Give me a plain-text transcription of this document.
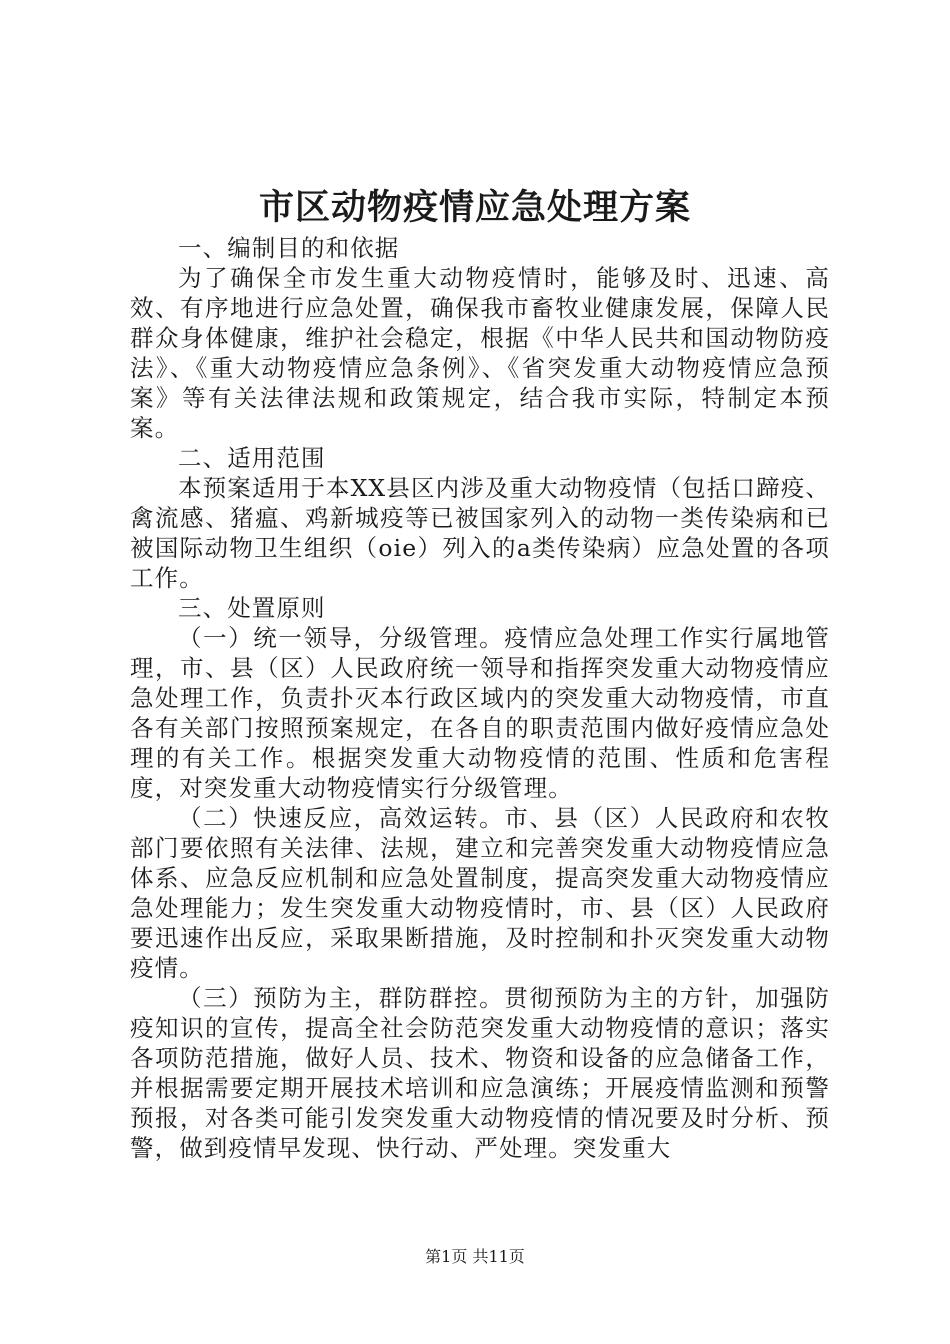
市区动物疫情应急处理方案

一、编制目的和依据

为了确保全市发生重大动物疫情时，能够及时、迅速、高效、有序地进行应急处置，确保我市畜牧业健康发展，保障人民群众身体健康，维护社会稳定，根据《中华人民共和国动物防疫法》、《重大动物疫情应急条例》、《省突发重大动物疫情应急预案》等有关法律法规和政策规定，结合我市实际，特制定本预案。

二、适用范围

本预案适用于本XX县区内涉及重大动物疫情（包括口蹄疫、禽流感、猪瘟、鸡新城疫等已被国家列入的动物一类传染病和已被国际动物卫生组织（oie）列入的a类传染病）应急处置的各项工作。

三、处置原则

（一）统一领导，分级管理。疫情应急处理工作实行属地管理，市、县（区）人民政府统一领导和指挥突发重大动物疫情应急处理工作，负责扑灭本行政区域内的突发重大动物疫情，市直各有关部门按照预案规定，在各自的职责范围内做好疫情应急处理的有关工作。根据突发重大动物疫情的范围、性质和危害程度，对突发重大动物疫情实行分级管理。

（二）快速反应，高效运转。市、县（区）人民政府和农牧部门要依照有关法律、法规，建立和完善突发重大动物疫情应急体系、应急反应机制和应急处置制度，提高突发重大动物疫情应急处理能力；发生突发重大动物疫情时，市、县（区）人民政府要迅速作出反应，采取果断措施，及时控制和扑灭突发重大动物疫情。

（三）预防为主，群防群控。贯彻预防为主的方针，加强防疫知识的宣传，提高全社会防范突发重大动物疫情的意识；落实各项防范措施，做好人员、技术、物资和设备的应急储备工作，并根据需要定期开展技术培训和应急演练；开展疫情监测和预警预报，对各类可能引发突发重大动物疫情的情况要及时分析、预警，做到疫情早发现、快行动、严处理。突发重大

第1页 共11页
